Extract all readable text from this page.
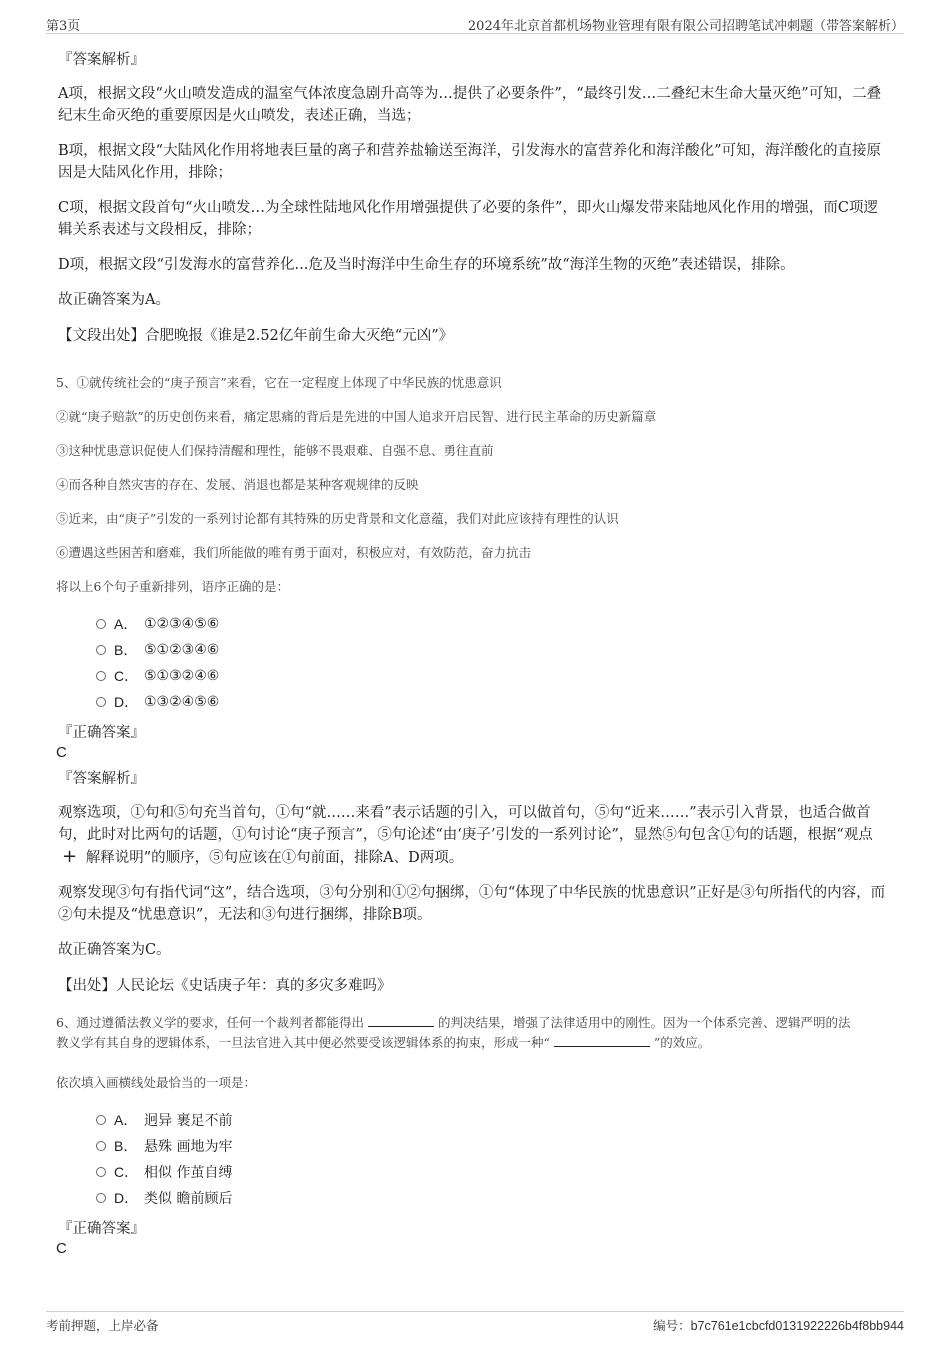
第3页	2024年北京首都机场物业管理有限有限公司招聘笔试冲刺题（带答案解析）
『答案解析』
A项，根据文段“火山喷发造成的温室气体浓度急剧升高等为…提供了必要条件”，“最终引发…二叠纪末生命大量灭绝”可知，二叠纪末生命灭绝的重要原因是火山喷发，表述正确，当选；
B项，根据文段“大陆风化作用将地表巨量的离子和营养盐输送至海洋，引发海水的富营养化和海洋酸化”可知，海洋酸化的直接原因是大陆风化作用，排除；
C项，根据文段首句“火山喷发…为全球性陆地风化作用增强提供了必要的条件”，即火山爆发带来陆地风化作用的增强，而C项逻辑关系表述与文段相反，排除；
D项，根据文段“引发海水的富营养化...危及当时海洋中生命生存的环境系统”故“海洋生物的灭绝”表述错误，排除。
故正确答案为A。
【文段出处】合肥晚报《谁是2.52亿年前生命大灭绝“元凶”》
5、①就传统社会的“庚子预言”来看，它在一定程度上体现了中华民族的忧患意识
②就“庚子赔款”的历史创伤来看，痛定思痛的背后是先进的中国人追求开启民智、进行民主革命的历史新篇章
③这种忧患意识促使人们保持清醒和理性，能够不畏艰难、自强不息、勇往直前
④而各种自然灾害的存在、发展、消退也都是某种客观规律的反映
⑤近来，由“庚子”引发的一系列讨论都有其特殊的历史背景和文化意蕴，我们对此应该持有理性的认识
⑥遭遇这些困苦和磨难，我们所能做的唯有勇于面对，积极应对，有效防范，奋力抗击
将以上6个句子重新排列，语序正确的是：
A． ①②③④⑤⑥
B． ⑤①②③④⑥
C． ⑤①③②④⑥
D． ①③②④⑤⑥
『正确答案』
C
『答案解析』
观察选项，①句和⑤句充当首句，①句“就……来看”表示话题的引入，可以做首句，⑤句“近来……”表示引入背景，也适合做首句，此时对比两句的话题，①句讨论“庚子预言”，⑤句论述“由‘庚子’引发的一系列讨论”，显然⑤句包含①句的话题，根据“观点 + 解释说明”的顺序，⑤句应该在①句前面，排除A、D两项。
观察发现③句有指代词“这”，结合选项，③句分别和①②句捆绑，①句“体现了中华民族的忧患意识”正好是③句所指代的内容，而②句未提及“忧患意识”，无法和③句进行捆绑，排除B项。
故正确答案为C。
【出处】人民论坛《史话庚子年：真的多灾多难吗》
6、通过遵循法教义学的要求，任何一个裁判者都能得出	的判决结果，增强了法律适用中的刚性。因为一个体系完善、逻辑严明的法
教义学有其自身的逻辑体系，一旦法官进入其中便必然要受该逻辑体系的拘束，形成一种“	”的效应。
依次填入画横线处最恰当的一项是：
A． 迥异 裹足不前
B． 悬殊 画地为牢
C． 相似 作茧自缚
D． 类似 瞻前顾后
『正确答案』
C
考前押题，上岸必备	编号：b7c761e1cbcfd0131922226b4f8bb944
